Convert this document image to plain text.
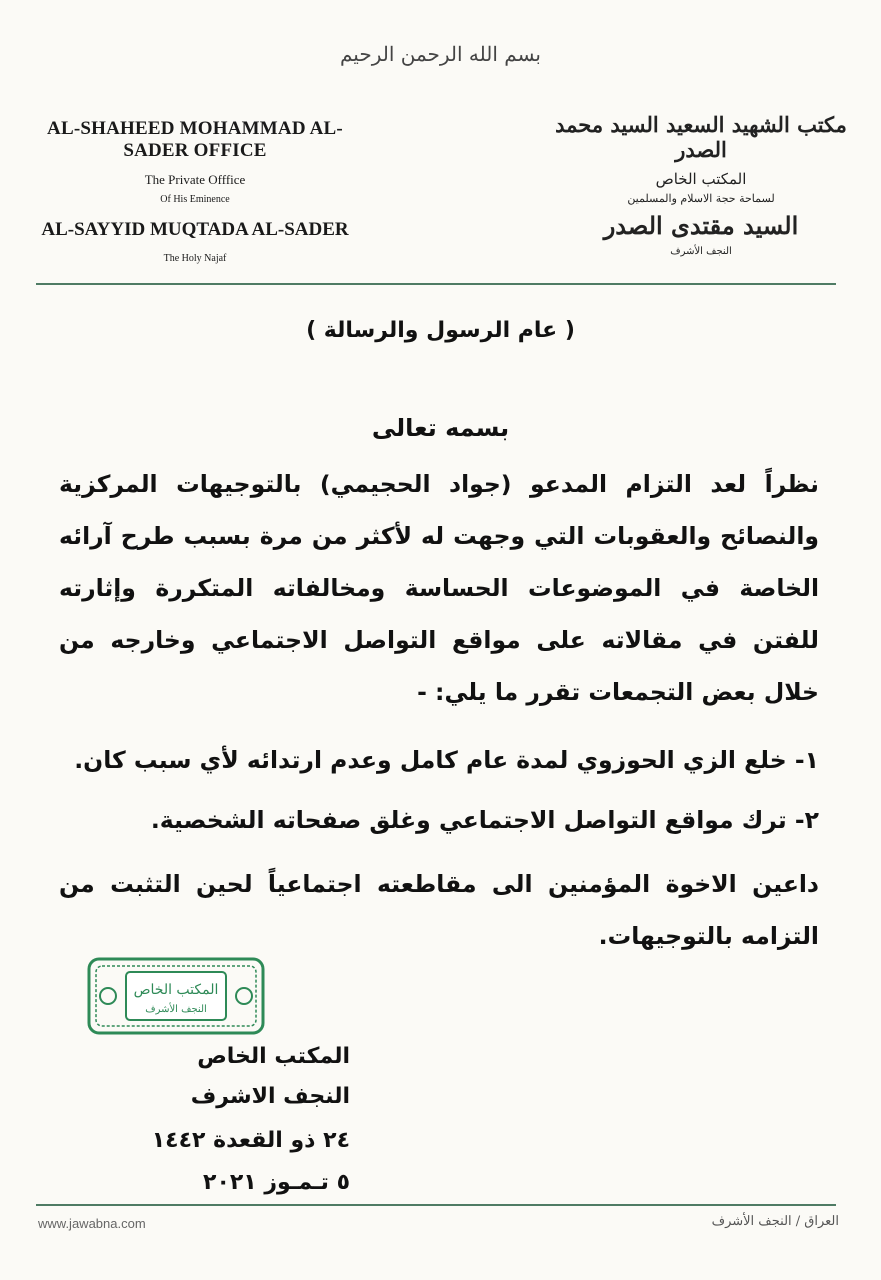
بسم الله الرحمن الرحيم
AL-SHAHEED MOHAMMAD AL-SADER OFFICE
The Private Offfice
Of His Eminence
AL-SAYYID MUQTADA AL-SADER
The Holy Najaf
مكتب الشهيد السعيد السيد محمد الصدر
المكتب الخاص
لسماحة حجة الاسلام والمسلمين
السيد مقتدى الصدر
النجف الأشرف
( عام الرسول والرسالة )
بسمه تعالى
نظراً لعد التزام المدعو (جواد الحجيمي) بالتوجيهات المركزية والنصائح والعقوبات التي وجهت له لأكثر من مرة بسبب طرح آرائه الخاصة في الموضوعات الحساسة ومخالفاته المتكررة وإثارته للفتن في مقالاته على مواقع التواصل الاجتماعي وخارجه من خلال بعض التجمعات تقرر ما يلي: -
١- خلع الزي الحوزوي لمدة عام كامل وعدم ارتدائه لأي سبب كان.
٢- ترك مواقع التواصل الاجتماعي وغلق صفحاته الشخصية.
داعين الاخوة المؤمنين الى مقاطعته اجتماعياً لحين التثبت من التزامه بالتوجيهات.
المكتب الخاص
النجف الأشرف
المكتب الخاص
النجف الاشرف
٢٤ ذو القعدة ١٤٤٢
٥ تـمـوز ٢٠٢١
www.jawabna.com	العراق / النجف الأشرف
